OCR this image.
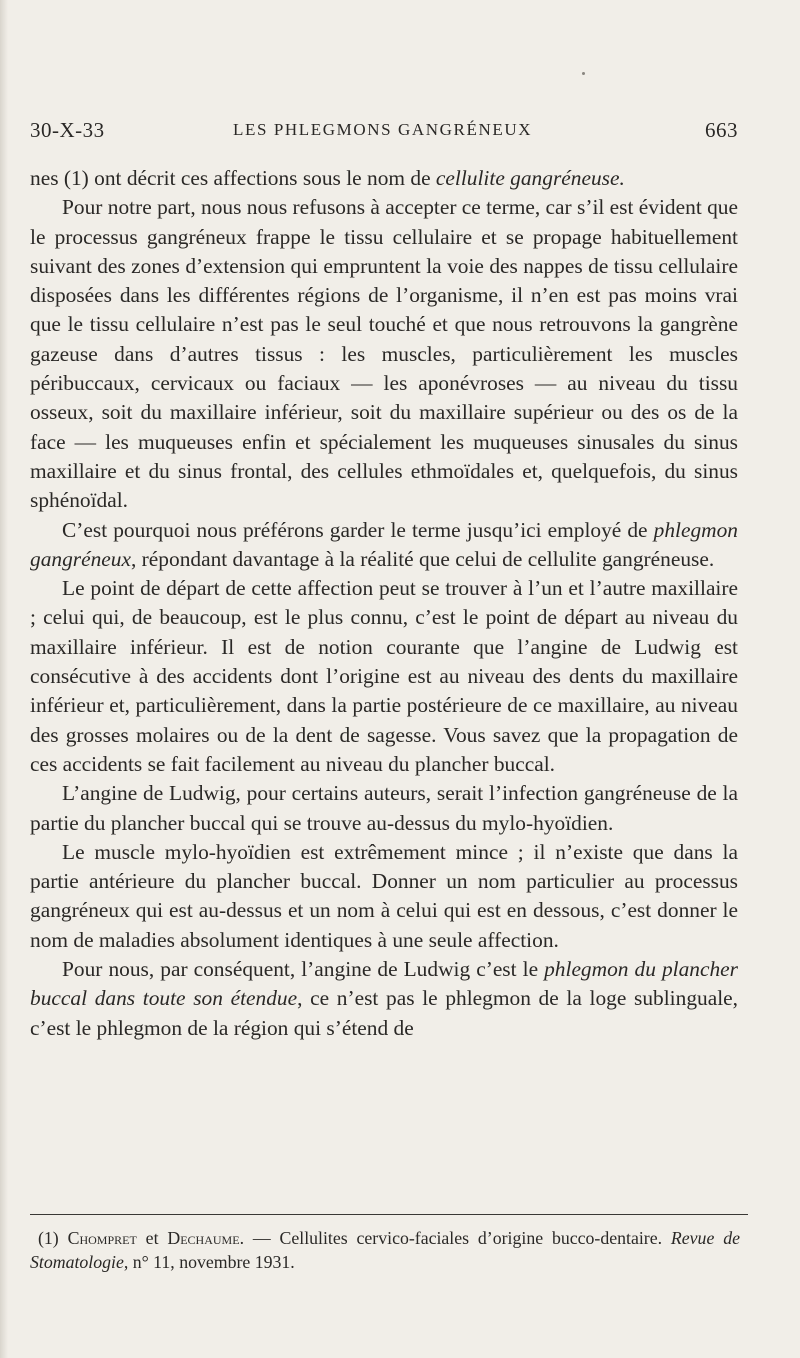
30-X-33	LES PHLEGMONS GANGRÉNEUX	663

nes (1) ont décrit ces affections sous le nom de cellulite gangréneuse.

Pour notre part, nous nous refusons à accepter ce terme, car s’il est évident que le processus gangréneux frappe le tissu cellulaire et se propage habituellement suivant des zones d’extension qui empruntent la voie des nappes de tissu cellulaire disposées dans les différentes régions de l’organisme, il n’en est pas moins vrai que le tissu cellulaire n’est pas le seul touché et que nous retrouvons la gangrène gazeuse dans d’autres tissus : les muscles, particulièrement les muscles péribuccaux, cervicaux ou faciaux — les aponévroses — au niveau du tissu osseux, soit du maxillaire inférieur, soit du maxillaire supérieur ou des os de la face — les muqueuses enfin et spécialement les muqueuses sinusales du sinus maxillaire et du sinus frontal, des cellules ethmoïdales et, quelquefois, du sinus sphénoïdal.

C’est pourquoi nous préférons garder le terme jusqu’ici employé de phlegmon gangréneux, répondant davantage à la réalité que celui de cellulite gangréneuse.

Le point de départ de cette affection peut se trouver à l’un et l’autre maxillaire ; celui qui, de beaucoup, est le plus connu, c’est le point de départ au niveau du maxillaire inférieur. Il est de notion courante que l’angine de Ludwig est consécutive à des accidents dont l’origine est au niveau des dents du maxillaire inférieur et, particulièrement, dans la partie postérieure de ce maxillaire, au niveau des grosses molaires ou de la dent de sagesse. Vous savez que la propagation de ces accidents se fait facilement au niveau du plancher buccal.

L’angine de Ludwig, pour certains auteurs, serait l’infection gangréneuse de la partie du plancher buccal qui se trouve au-dessus du mylo-hyoïdien.

Le muscle mylo-hyoïdien est extrêmement mince ; il n’existe que dans la partie antérieure du plancher buccal. Donner un nom particulier au processus gangréneux qui est au-dessus et un nom à celui qui est en dessous, c’est donner le nom de maladies absolument identiques à une seule affection.

Pour nous, par conséquent, l’angine de Ludwig c’est le phlegmon du plancher buccal dans toute son étendue, ce n’est pas le phlegmon de la loge sublinguale, c’est le phlegmon de la région qui s’étend de

(1) Chompret et Dechaume. — Cellulites cervico-faciales d’origine bucco-dentaire. Revue de Stomatologie, n° 11, novembre 1931.
